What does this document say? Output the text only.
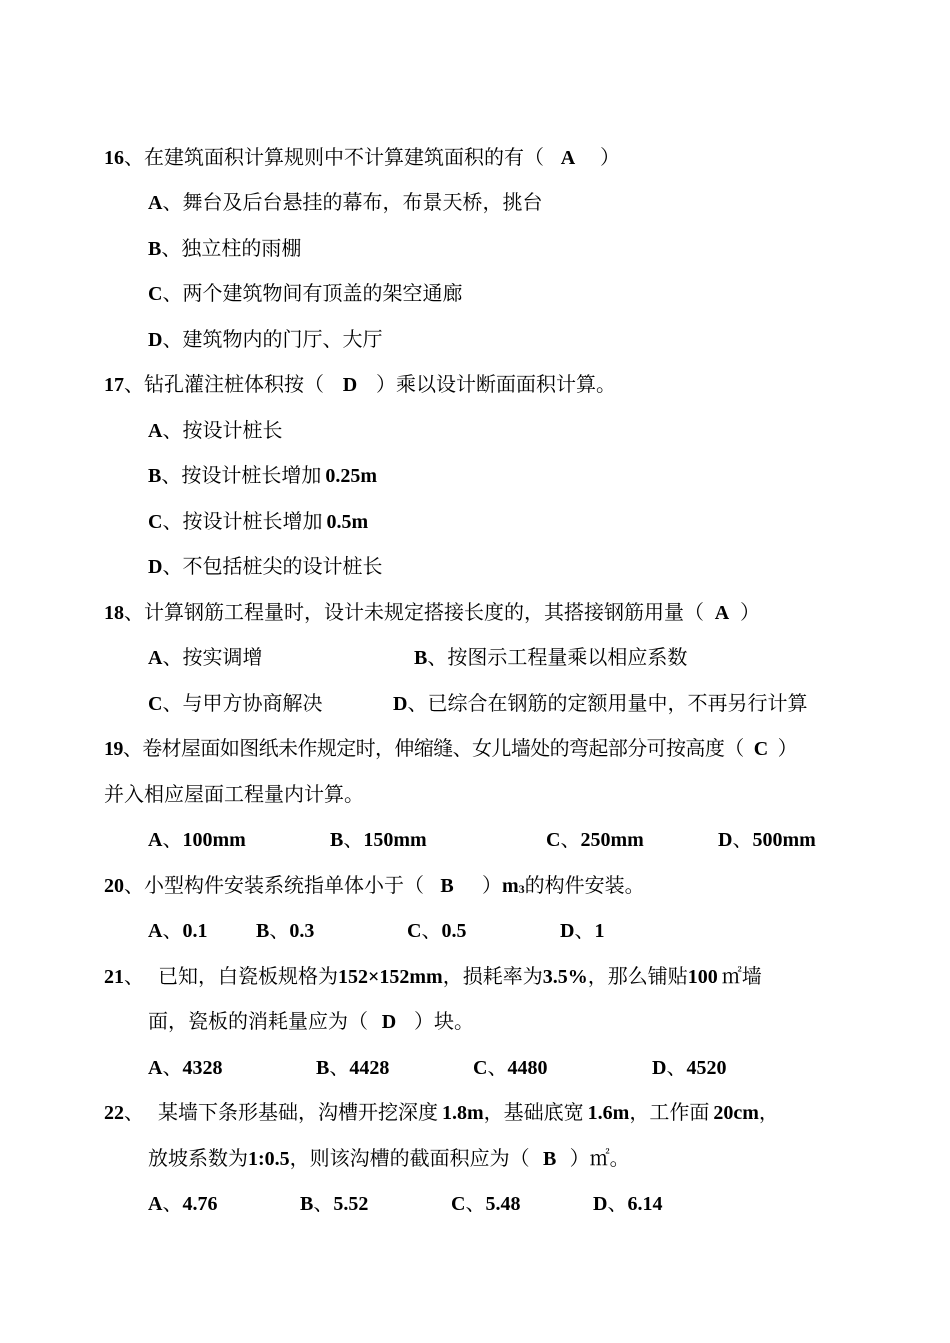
16、在建筑面积计算规则中不计算建筑面积的有（ A ）
A、舞台及后台悬挂的幕布，布景天桥，挑台
B、独立柱的雨棚
C、两个建筑物间有顶盖的架空通廊
D、建筑物内的门厅、大厅
17、钻孔灌注桩体积按（ D ）乘以设计断面面积计算。
A、按设计桩长
B、按设计桩长增加 0.25m
C、按设计桩长增加 0.5m
D、不包括桩尖的设计桩长
18、计算钢筋工程量时，设计未规定搭接长度的，其搭接钢筋用量（ A ）
A、按实调增	B、按图示工程量乘以相应系数
C、与甲方协商解决	D、已综合在钢筋的定额用量中，不再另行计算
19、卷材屋面如图纸未作规定时，伸缩缝、女儿墙处的弯起部分可按高度（ C ）
并入相应屋面工程量内计算。
A、100mm	B、150mm	C、250mm	D、500mm
20、小型构件安装系统指单体小于（ B ）m3的构件安装。
A、0.1 B、0.3	C、0.5	D、1
21、 已知，白瓷板规格为152×152mm，损耗率为3.5%，那么铺贴100 ㎡墙
面，瓷板的消耗量应为（ D ）块。
A、4328	B、4428	C、4480	D、4520
22、 某墙下条形基础，沟槽开挖深度 1.8m，基础底宽 1.6m，工作面 20cm，
放坡系数为1:0.5，则该沟槽的截面积应为（ B ）㎡。
A、4.76	B、5.52	C、5.48	D、6.14
